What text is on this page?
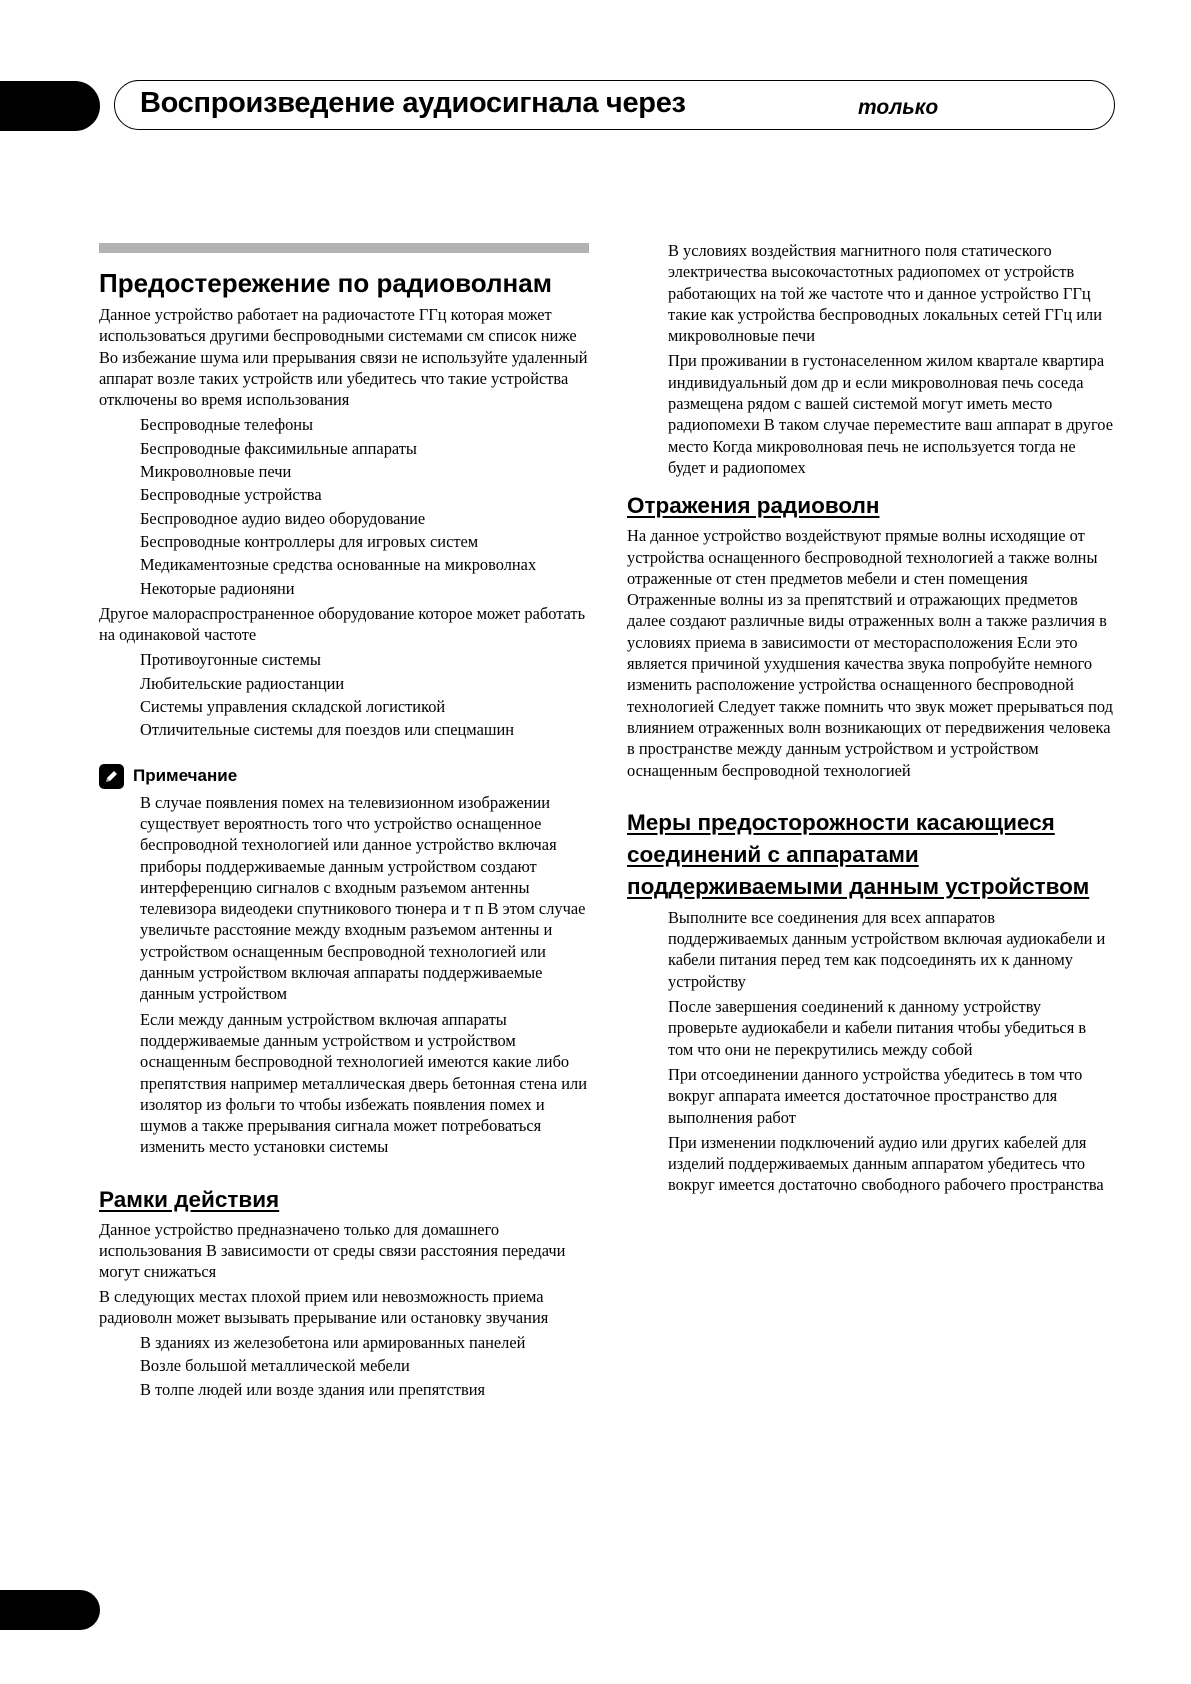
Воспроизведение аудиосигнала через	только
Предостережение по радиоволнам

Данное устройство работает на радиочастоте ГГц которая может использоваться другими беспроводными системами см список ниже Во избежание шума или прерывания связи не используйте удаленный аппарат возле таких устройств или убедитесь что такие устройства отключены во время использования

Беспроводные телефоны
Беспроводные факсимильные аппараты
Микроволновые печи
Беспроводные устройства
Беспроводное аудио видео оборудование
Беспроводные контроллеры для игровых систем
Медикаментозные средства основанные на микроволнах
Некоторые радионяни

Другое малораспространенное оборудование которое может работать на одинаковой частоте

Противоугонные системы
Любительские радиостанции
Системы управления складской логистикой
Отличительные системы для поездов или спецмашин
Примечание

В случае появления помех на телевизионном изображении существует вероятность того что устройство оснащенное беспроводной технологией или данное устройство включая приборы поддерживаемые данным устройством создают интерференцию сигналов с входным разъемом антенны телевизора видеодеки спутникового тюнера и т п В этом случае увеличьте расстояние между входным разъемом антенны и устройством оснащенным беспроводной технологией или данным устройством включая аппараты поддерживаемые данным устройством

Если между данным устройством включая аппараты поддерживаемые данным устройством и устройством оснащенным беспроводной технологией имеются какие либо препятствия например металлическая дверь бетонная стена или изолятор из фольги то чтобы избежать появления помех и шумов а также прерывания сигнала может потребоваться изменить место установки системы

Рамки действия

Данное устройство предназначено только для домашнего использования В зависимости от среды связи расстояния передачи могут снижаться

В следующих местах плохой прием или невозможность приема радиоволн может вызывать прерывание или остановку звучания

В зданиях из железобетона или армированных панелей
Возле большой металлической мебели
В толпе людей или возде здания или препятствия

В условиях воздействия магнитного поля статического электричества высокочастотных радиопомех от устройств работающих на той же частоте что и данное устройство ГГц такие как устройства беспроводных локальных сетей ГГц или микроволновые печи

При проживании в густонаселенном жилом квартале квартира индивидуальный дом др и если микроволновая печь соседа размещена рядом с вашей системой могут иметь место радиопомехи В таком случае переместите ваш аппарат в другое место Когда микроволновая печь не используется тогда не будет и радиопомех

Отражения радиоволн

На данное устройство воздействуют прямые волны исходящие от устройства оснащенного беспроводной технологией а также волны отраженные от стен предметов мебели и стен помещения Отраженные волны из за препятствий и отражающих предметов далее создают различные виды отраженных волн а также различия в условиях приема в зависимости от месторасположения Если это является причиной ухудшения качества звука попробуйте немного изменить расположение устройства оснащенного беспроводной технологией Следует также помнить что звук может прерываться под влиянием отраженных волн возникающих от передвижения человека в пространстве между данным устройством и устройством оснащенным беспроводной технологией

Меры предосторожности касающиеся соединений с аппаратами поддерживаемыми данным устройством

Выполните все соединения для всех аппаратов поддерживаемых данным устройством включая аудиокабели и кабели питания перед тем как подсоединять их к данному устройству

После завершения соединений к данному устройству проверьте аудиокабели и кабели питания чтобы убедиться в том что они не перекрутились между собой

При отсоединении данного устройства убедитесь в том что вокруг аппарата имеется достаточное пространство для выполнения работ

При изменении подключений аудио или других кабелей для изделий поддерживаемых данным аппаратом убедитесь что вокруг имеется достаточно свободного рабочего пространства
